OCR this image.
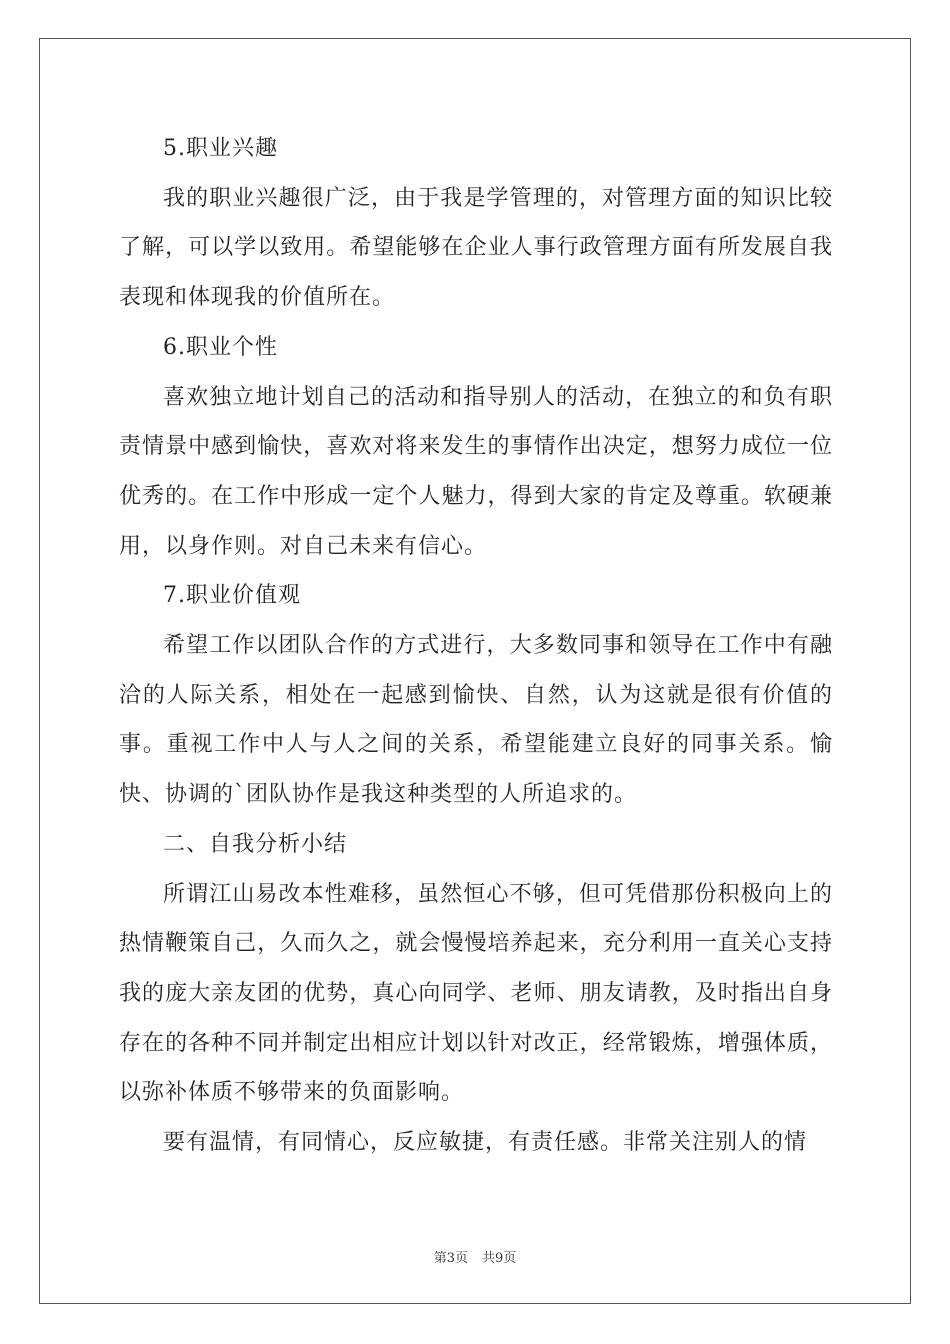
5.职业兴趣

我的职业兴趣很广泛，由于我是学管理的，对管理方面的知识比较了解，可以学以致用。希望能够在企业人事行政管理方面有所发展自我表现和体现我的价值所在。

6.职业个性

喜欢独立地计划自己的活动和指导别人的活动，在独立的和负有职责情景中感到愉快，喜欢对将来发生的事情作出决定，想努力成位一位优秀的。在工作中形成一定个人魅力，得到大家的肯定及尊重。软硬兼用，以身作则。对自己未来有信心。

7.职业价值观

希望工作以团队合作的方式进行，大多数同事和领导在工作中有融洽的人际关系，相处在一起感到愉快、自然，认为这就是很有价值的事。重视工作中人与人之间的关系，希望能建立良好的同事关系。愉快、协调的`团队协作是我这种类型的人所追求的。

二、自我分析小结

所谓江山易改本性难移，虽然恒心不够，但可凭借那份积极向上的热情鞭策自己，久而久之，就会慢慢培养起来，充分利用一直关心支持我的庞大亲友团的优势，真心向同学、老师、朋友请教，及时指出自身存在的各种不同并制定出相应计划以针对改正，经常锻炼，增强体质，以弥补体质不够带来的负面影响。

要有温情，有同情心，反应敏捷，有责任感。非常关注别人的情

第3页 共9页
